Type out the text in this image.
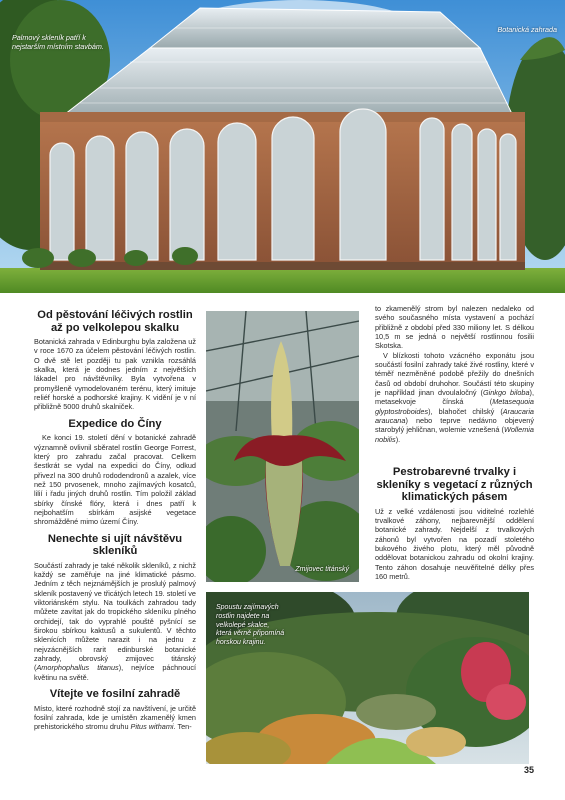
Palmový skleník patří k nejstarším místním stavbám.
Botanická zahrada
Od pěstování léčivých rostlin až po velkolepou skalku

Botanická zahrada v Edinburghu byla založena už v roce 1670 za účelem pěstování léčivých rostlin. O dvě stě let později tu pak vznikla rozsáhlá skalka, která je dodnes jedním z největších lákadel pro návštěvníky. Byla vytvořena v promyšleně vymodelovaném terénu, který imituje reliéf horské a podhorské krajiny. K vidění je v ní přibližně 5000 druhů skalniček.

Expedice do Číny

Ke konci 19. století dění v botanické zahradě významně ovlivnil sběratel rostlin George Forrest, který pro zahradu začal pracovat. Celkem šestkrát se vydal na expedici do Číny, odkud přivezl na 300 druhů rododendronů a azalek, více než 150 prvosenek, mnoho zajímavých kosatců, lilií i řadu jiných druhů rostlin. Tím položil základ sbírky čínské flóry, která i dnes patří k nejbohatším sbírkám asijské vegetace shromážděné mimo území Číny.

Nenechte si ujít návštěvu skleníků

Součástí zahrady je také několik skleníků, z nichž každý se zaměřuje na jiné klimatické pásmo. Jedním z těch nejznámějších je proslulý palmový skleník postavený ve třicátých letech 19. století ve viktoriánském stylu. Na toulkách zahradou tady můžete zavítat jak do tropického skleníku plného orchidejí, tak do vyprahlé pouště pyšnící se širokou sbírkou kaktusů a sukulentů. V těchto sklenících můžete narazit i na jednu z nejvzácnějších rarit edinburské botanické zahrady, obrovský zmijovec titánský (Amorphophallus titanus), nejvíce páchnoucí květinu na světě.

Vítejte ve fosilní zahradě

Místo, které rozhodně stojí za navštívení, je určitě fosilní zahrada, kde je umístěn zkamenělý kmen prehistorického stromu druhu Pitus withami. Ten-

Zmijovec titánský

to zkamenělý strom byl nalezen nedaleko od svého současného místa vystavení a pochází přibližně z období před 330 miliony let. S délkou 10,5 m se jedná o největší rostlinnou fosilii Skotska.

V blízkosti tohoto vzácného exponátu jsou součástí fosilní zahrady také živé rostliny, které v téměř nezměněné podobě přežily do dnešních časů od období druhohor. Součástí této skupiny je například jinan dvoulaločný (Ginkgo biloba), metasekvoje čínská (Metasequoia glyptostroboides), blahočet chilský (Araucaria araucana) nebo teprve nedávno objevený starobylý jehličnan, wolemie vznešená (Wollemia nobilis).

Pestrobarevné trvalky i skleníky s vegetací z různých klimatických pásem

Už z velké vzdálenosti jsou viditelné rozlehlé trvalkové záhony, nejbarevnější oddělení botanické zahrady. Nejdelší z trvalkových záhonů byl vytvořen na pozadí stoletého bukového živého plotu, který měl původně oddělovat botanickou zahradu od okolní krajiny. Tento záhon dosahuje neuvěřitelné délky přes 160 metrů.

Spoustu zajímavých rostlin najdete na velkolepé skalce, která věrně připomíná horskou krajinu.
35
